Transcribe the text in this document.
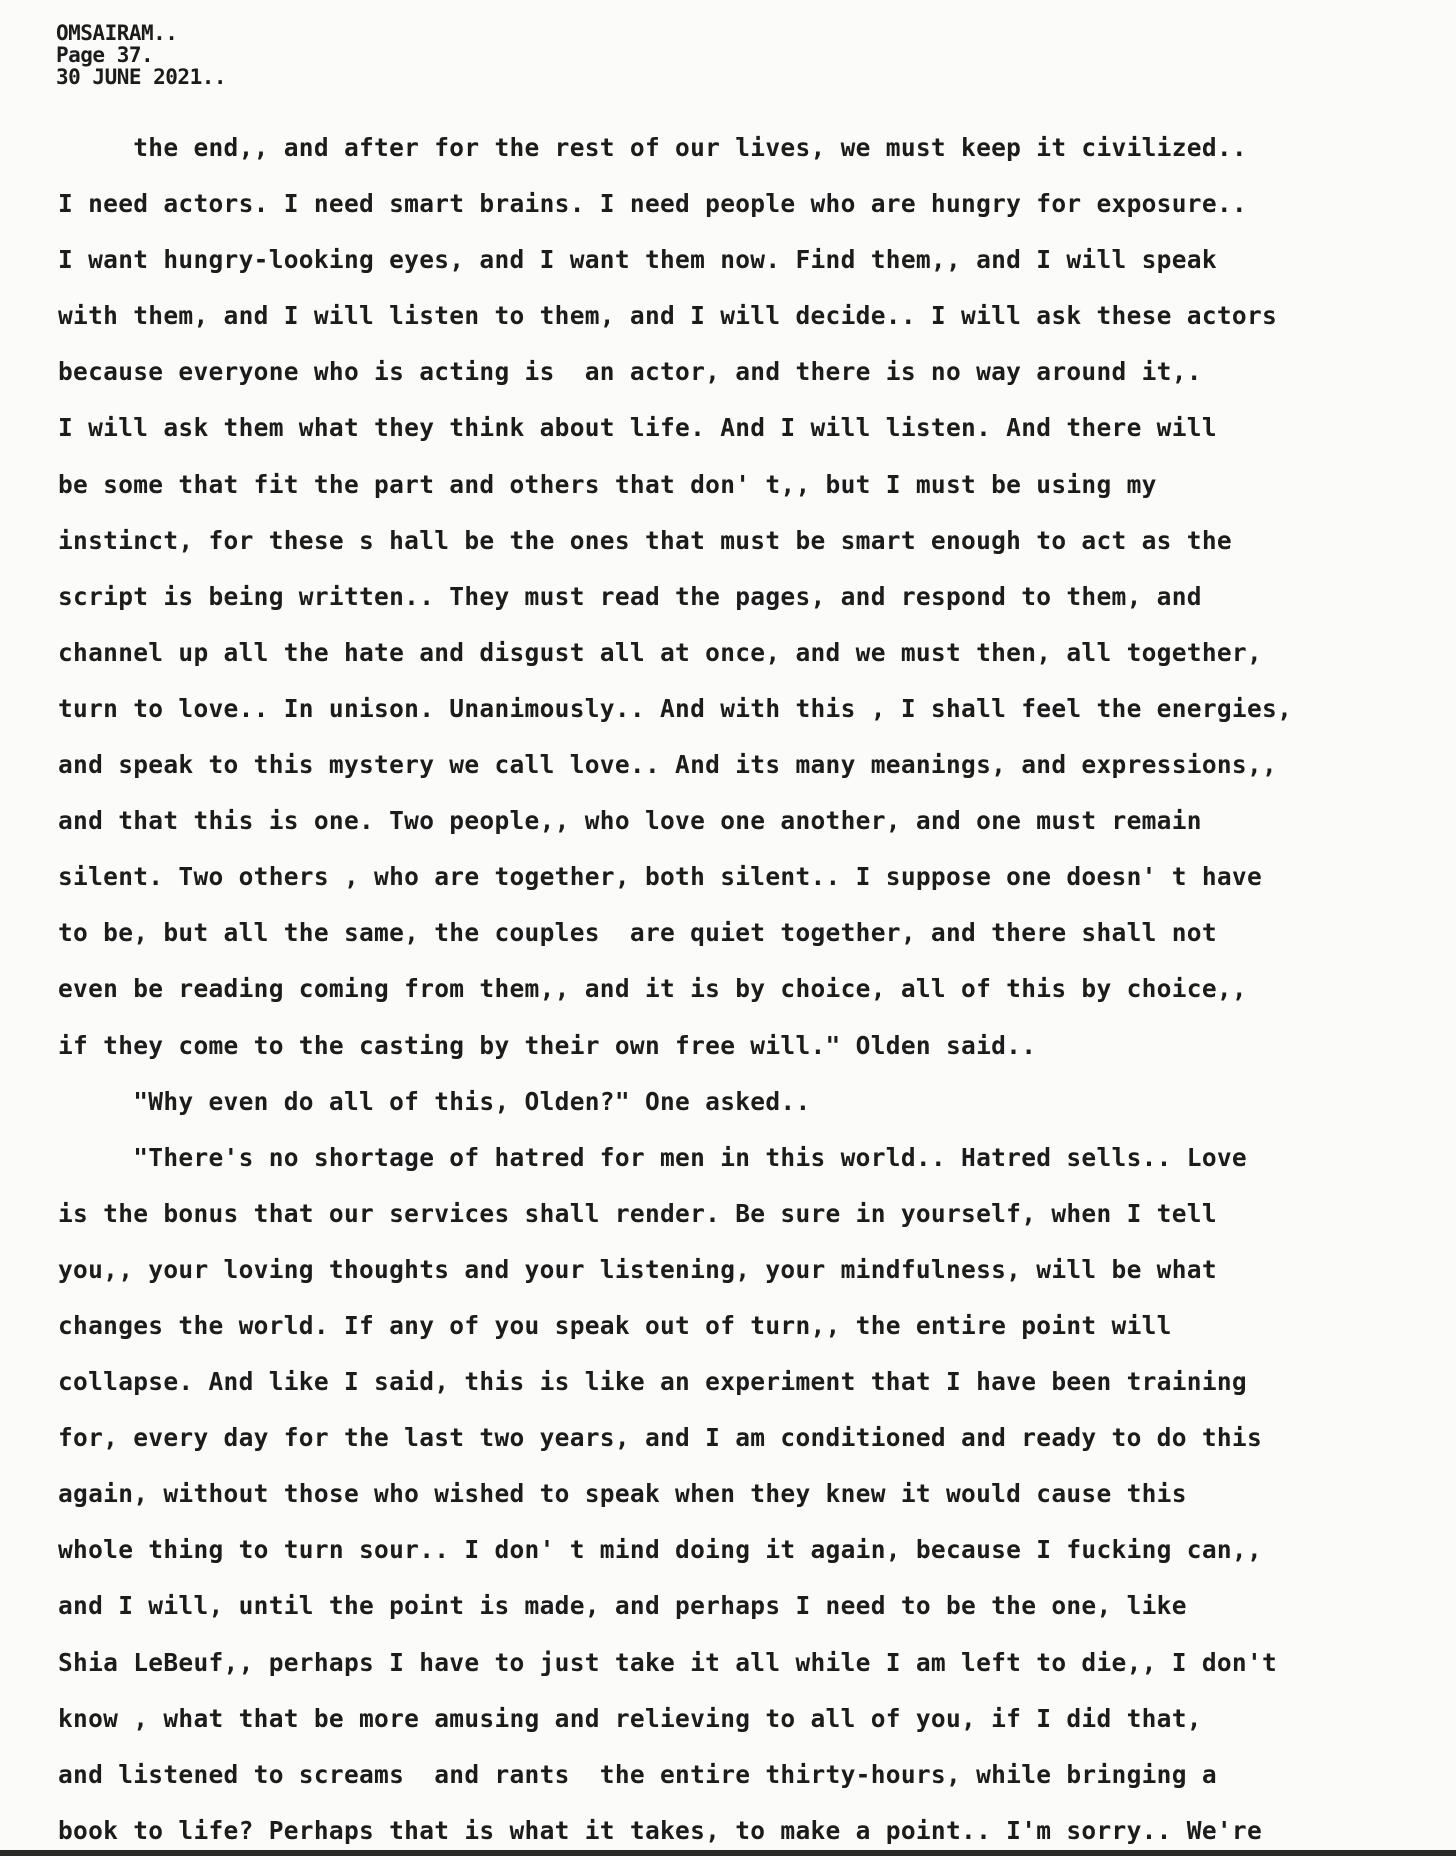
OMSAIRAM..
Page 37.
30 JUNE 2021..
the end,, and after for the rest of our lives, we must keep it civilized..
I need actors. I need smart brains. I need people who are hungry for exposure..
I want hungry-looking eyes, and I want them now. Find them,, and I will speak
with them, and I will listen to them, and I will decide.. I will ask these actors
because everyone who is acting is  an actor, and there is no way around it,.
I will ask them what they think about life. And I will listen. And there will
be some that fit the part and others that don' t,, but I must be using my
instinct, for these s hall be the ones that must be smart enough to act as the
script is being written.. They must read the pages, and respond to them, and
channel up all the hate and disgust all at once, and we must then, all together,
turn to love.. In unison. Unanimously.. And with this , I shall feel the energies,
and speak to this mystery we call love.. And its many meanings, and expressions,,
and that this is one. Two people,, who love one another, and one must remain
silent. Two others , who are together, both silent.. I suppose one doesn' t have
to be, but all the same, the couples  are quiet together, and there shall not
even be reading coming from them,, and it is by choice, all of this by choice,,
if they come to the casting by their own free will." Olden said..
"Why even do all of this, Olden?" One asked..
"There's no shortage of hatred for men in this world.. Hatred sells.. Love
is the bonus that our services shall render. Be sure in yourself, when I tell
you,, your loving thoughts and your listening, your mindfulness, will be what
changes the world. If any of you speak out of turn,, the entire point will
collapse. And like I said, this is like an experiment that I have been training
for, every day for the last two years, and I am conditioned and ready to do this
again, without those who wished to speak when they knew it would cause this
whole thing to turn sour.. I don' t mind doing it again, because I fucking can,,
and I will, until the point is made, and perhaps I need to be the one, like
Shia LeBeuf,, perhaps I have to just take it all while I am left to die,, I don't
know , what that be more amusing and relieving to all of you, if I did that,
and listened to screams  and rants  the entire thirty-hours, while bringing a
book to life? Perhaps that is what it takes, to make a point.. I'm sorry.. We're
